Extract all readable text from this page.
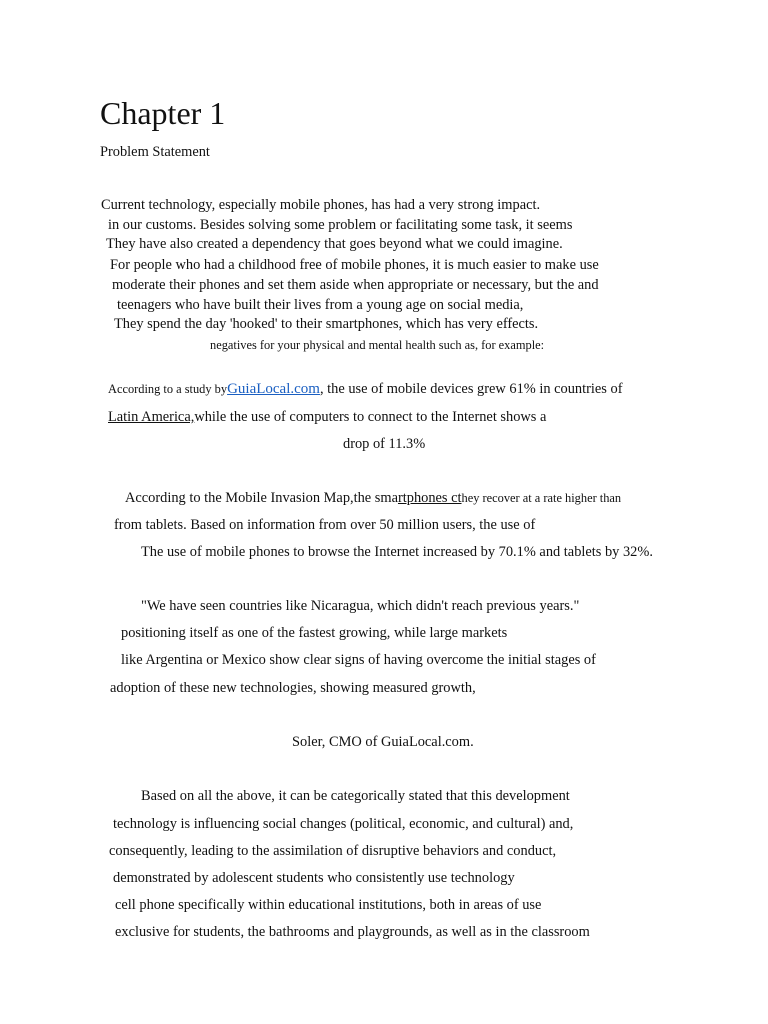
Chapter 1
Problem Statement
Current technology, especially mobile phones, has had a very strong impact.
in our customs. Besides solving some problem or facilitating some task, it seems
They have also created a dependency that goes beyond what we could imagine.
For people who had a childhood free of mobile phones, it is much easier to make use
moderate their phones and set them aside when appropriate or necessary, but the and
teenagers who have built their lives from a young age on social media,
They spend the day 'hooked' to their smartphones, which has very effects.
negatives for your physical and mental health such as, for example:
According to a study byGuiaLocal.com, the use of mobile devices grew 61% in countries of
Latin America,while the use of computers to connect to the Internet shows a
drop of 11.3%
According to the Mobile Invasion Map,the smartphones cthey recover at a rate higher than
from tablets. Based on information from over 50 million users, the use of
The use of mobile phones to browse the Internet increased by 70.1% and tablets by 32%.
"We have seen countries like Nicaragua, which didn't reach previous years."
positioning itself as one of the fastest growing, while large markets
like Argentina or Mexico show clear signs of having overcome the initial stages of
adoption of these new technologies, showing measured growth,
Soler, CMO of GuiaLocal.com.
Based on all the above, it can be categorically stated that this development
technology is influencing social changes (political, economic, and cultural) and,
consequently, leading to the assimilation of disruptive behaviors and conduct,
demonstrated by adolescent students who consistently use technology
cell phone specifically within educational institutions, both in areas of use
exclusive for students, the bathrooms and playgrounds, as well as in the classroom
